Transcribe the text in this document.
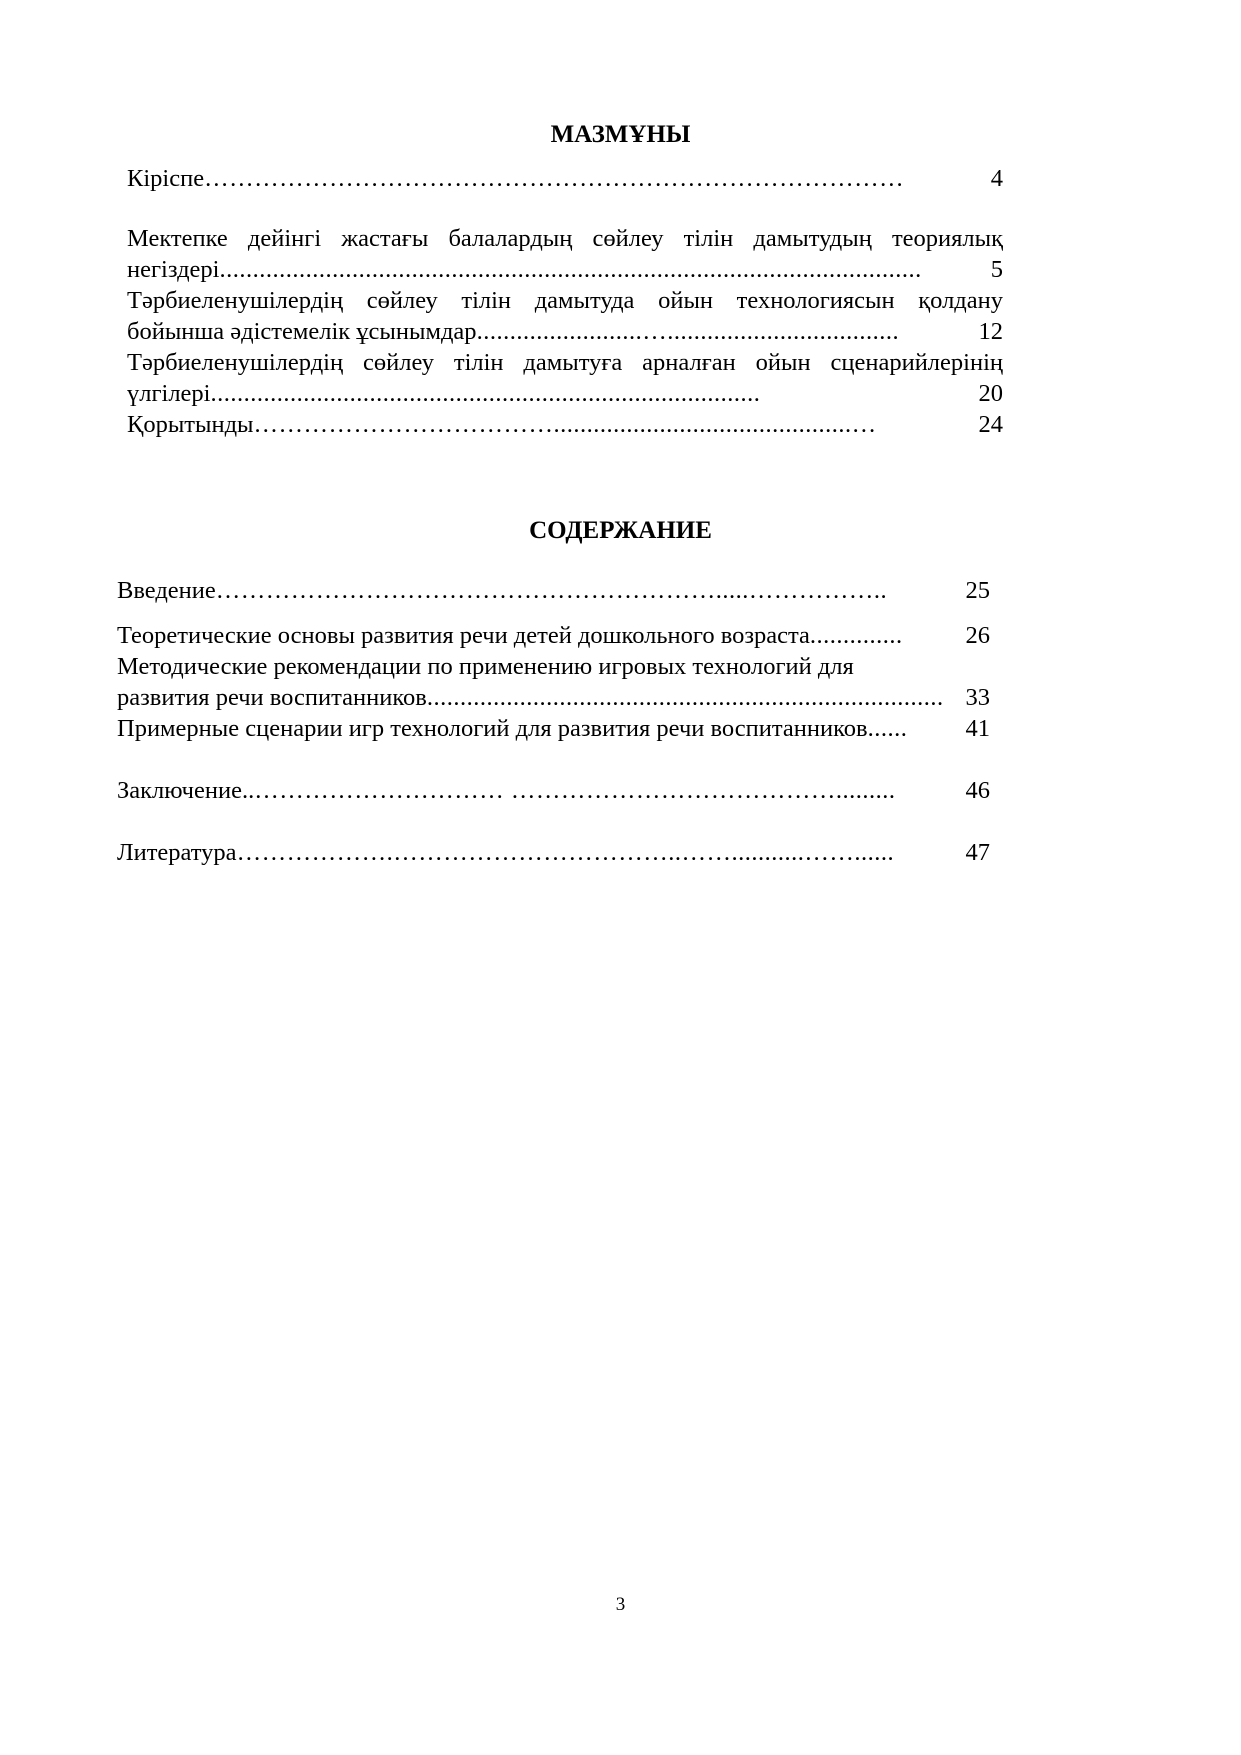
МАЗМҰНЫ
Кіріспе …………………………………………………………………………	4
Мектепке дейінгі жастағы балалардың сөйлеу тілін дамытудың теориялық
негіздері ..........................................................................................................	5
Тәрбиеленушілердің сөйлеу тілін дамытуда ойын технологиясын қолдану
бойынша әдістемелік ұсынымдар .........................…...................................	12
Тәрбиеленушілердің сөйлеу тілін дамытуға арналған ойын сценарийлерінің
үлгілері ...................................................................................	20
Қорытынды ……………………………….............................................…	24
СОДЕРЖАНИЕ
Введение …………………………………………………….....……………..	25
Теоретические основы развития речи детей дошкольного возраста ..............	26
Методические рекомендации по применению игровых технологий для
развития речи воспитанников .............................................................................. 33
Примерные сценарии игр технологий для развития речи воспитанников ......	41
Заключение.. ………………………… ………………………………….........	46
Литература ……………….……………………………..……...........……......	47
3
